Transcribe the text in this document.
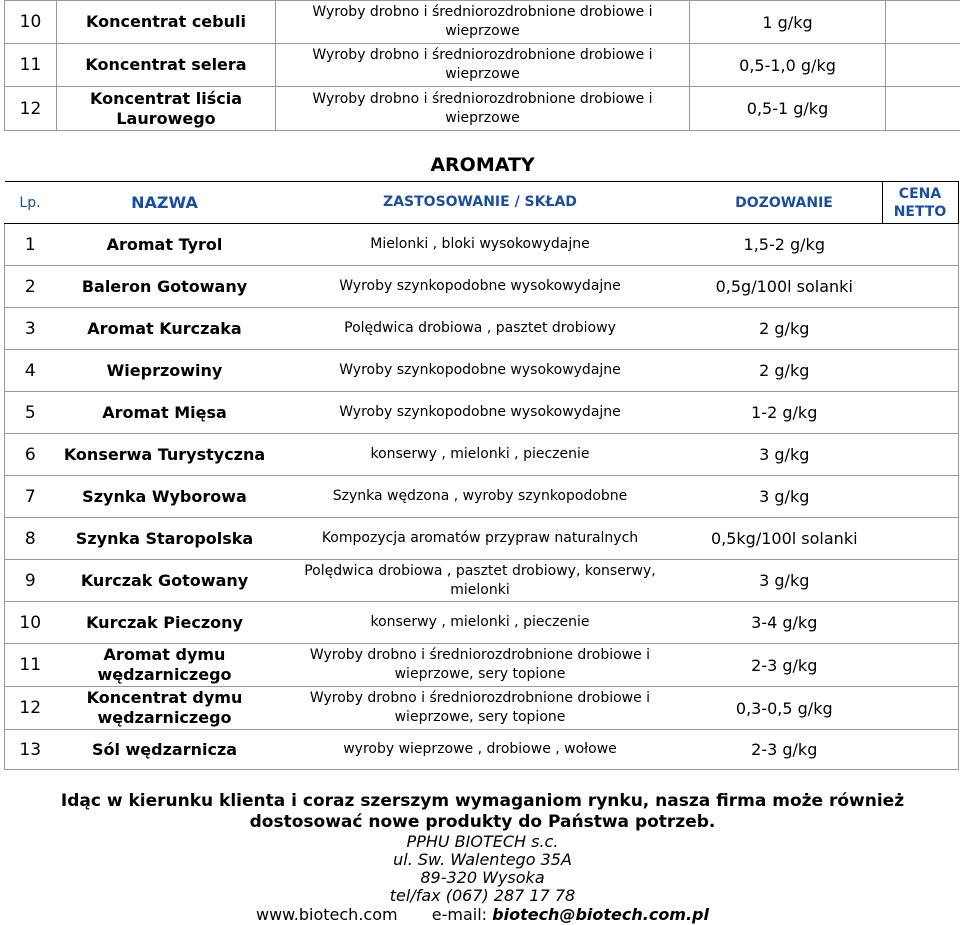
10	Koncentrat cebuli	Wyroby drobno i średniorozdrobnione drobiowe i wieprzowe	1 g/kg	
11	Koncentrat selera	Wyroby drobno i średniorozdrobnione drobiowe i wieprzowe	0,5-1,0 g/kg	
12	Koncentrat liścia Laurowego	Wyroby drobno i średniorozdrobnione drobiowe i wieprzowe	0,5-1 g/kg	
AROMATY
Lp.	NAZWA	ZASTOSOWANIE / SKŁAD	DOZOWANIE	CENA NETTO
1	Aromat Tyrol	Mielonki , bloki wysokowydajne	1,5-2 g/kg	
2	Baleron Gotowany	Wyroby szynkopodobne wysokowydajne	0,5g/100l solanki	
3	Aromat Kurczaka	Polędwica drobiowa , pasztet drobiowy	2 g/kg	
4	Wieprzowiny	Wyroby szynkopodobne wysokowydajne	2 g/kg	
5	Aromat Mięsa	Wyroby szynkopodobne wysokowydajne	1-2 g/kg	
6	Konserwa Turystyczna	konserwy , mielonki , pieczenie	3 g/kg	
7	Szynka Wyborowa	Szynka wędzona , wyroby szynkopodobne	3 g/kg	
8	Szynka Staropolska	Kompozycja aromatów przypraw naturalnych	0,5kg/100l solanki	
9	Kurczak Gotowany	Polędwica drobiowa , pasztet drobiowy, konserwy, mielonki	3 g/kg	
10	Kurczak Pieczony	konserwy , mielonki , pieczenie	3-4 g/kg	
11	Aromat dymu wędzarniczego	Wyroby drobno i średniorozdrobnione drobiowe i wieprzowe, sery topione	2-3 g/kg	
12	Koncentrat dymu wędzarniczego	Wyroby drobno i średniorozdrobnione drobiowe i wieprzowe, sery topione	0,3-0,5 g/kg	
13	Sól wędzarnicza	wyroby wieprzowe , drobiowe , wołowe	2-3 g/kg	
Idąc w kierunku klienta i coraz szerszym wymaganiom rynku, nasza firma może również
dostosować nowe produkty do Państwa potrzeb.
PPHU BIOTECH s.c.
ul. Sw. Walentego 35A
89-320 Wysoka
tel/fax (067) 287 17 78
www.biotech.com e-mail: biotech@biotech.com.pl
